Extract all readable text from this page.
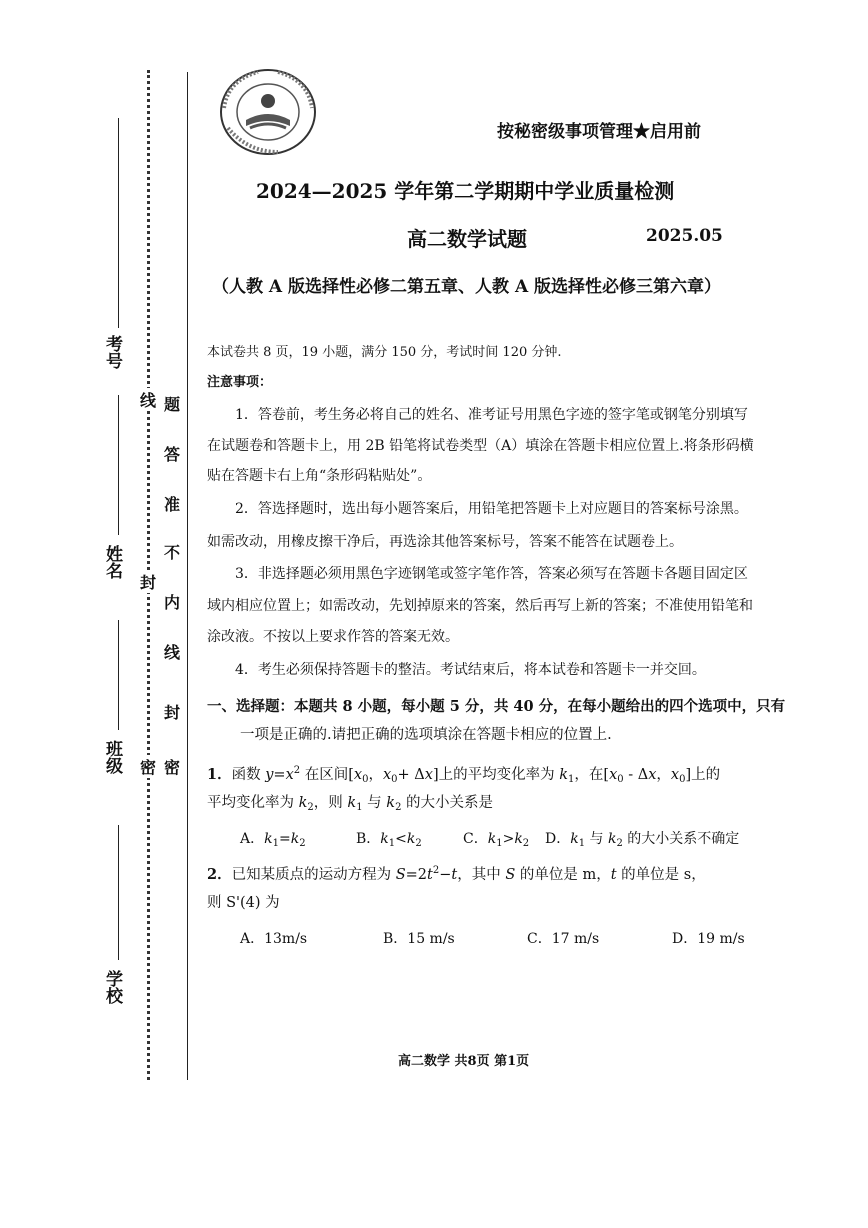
考号
姓名
班级
学校
线
封
密
题
答
准
不
内
线
封
密
按秘密级事项管理★启用前
2024—2025 学年第二学期期中学业质量检测
高二数学试题	2025.05
（人教 A 版选择性必修二第五章、人教 A 版选择性必修三第六章）
本试卷共 8 页，19 小题，满分 150 分，考试时间 120 分钟.
注意事项：
1．答卷前，考生务必将自己的姓名、准考证号用黑色字迹的签字笔或钢笔分别填写
在试题卷和答题卡上，用 2B 铅笔将试卷类型（A）填涂在答题卡相应位置上.将条形码横
贴在答题卡右上角“条形码粘贴处”。
2．答选择题时，选出每小题答案后，用铅笔把答题卡上对应题目的答案标号涂黑。
如需改动，用橡皮擦干净后，再选涂其他答案标号，答案不能答在试题卷上。
3．非选择题必须用黑色字迹钢笔或签字笔作答，答案必须写在答题卡各题目固定区
域内相应位置上；如需改动，先划掉原来的答案，然后再写上新的答案；不准使用铅笔和
涂改液。不按以上要求作答的答案无效。
4．考生必须保持答题卡的整洁。考试结束后，将本试卷和答题卡一并交回。
一、选择题：本题共 8 小题，每小题 5 分，共 40 分，在每小题给出的四个选项中，只有
一项是正确的.请把正确的选项填涂在答题卡相应的位置上.
1．函数 $y=x^2$ 在区间[$x_0$，$x_0+ \Delta x$]上的平均变化率为 $k_1$，在[$x_0$ - Δx，$x_0$]上的
平均变化率为 $k_2$，则 $k_1$ 与 $k_2$ 的大小关系是
A．$k_1=k_2$	B．$k_1<k_2$	C．$k_1>k_2$ D．$k_1$ 与 $k_2$ 的大小关系不确定
2．已知某质点的运动方程为 $S=2t^2-t$，其中 S 的单位是 m，t 的单位是 s，
则 S'(4) 为
A．13m/s	B．15 m/s	C．17 m/s	D．19 m/s
高二数学 共8页 第1页
